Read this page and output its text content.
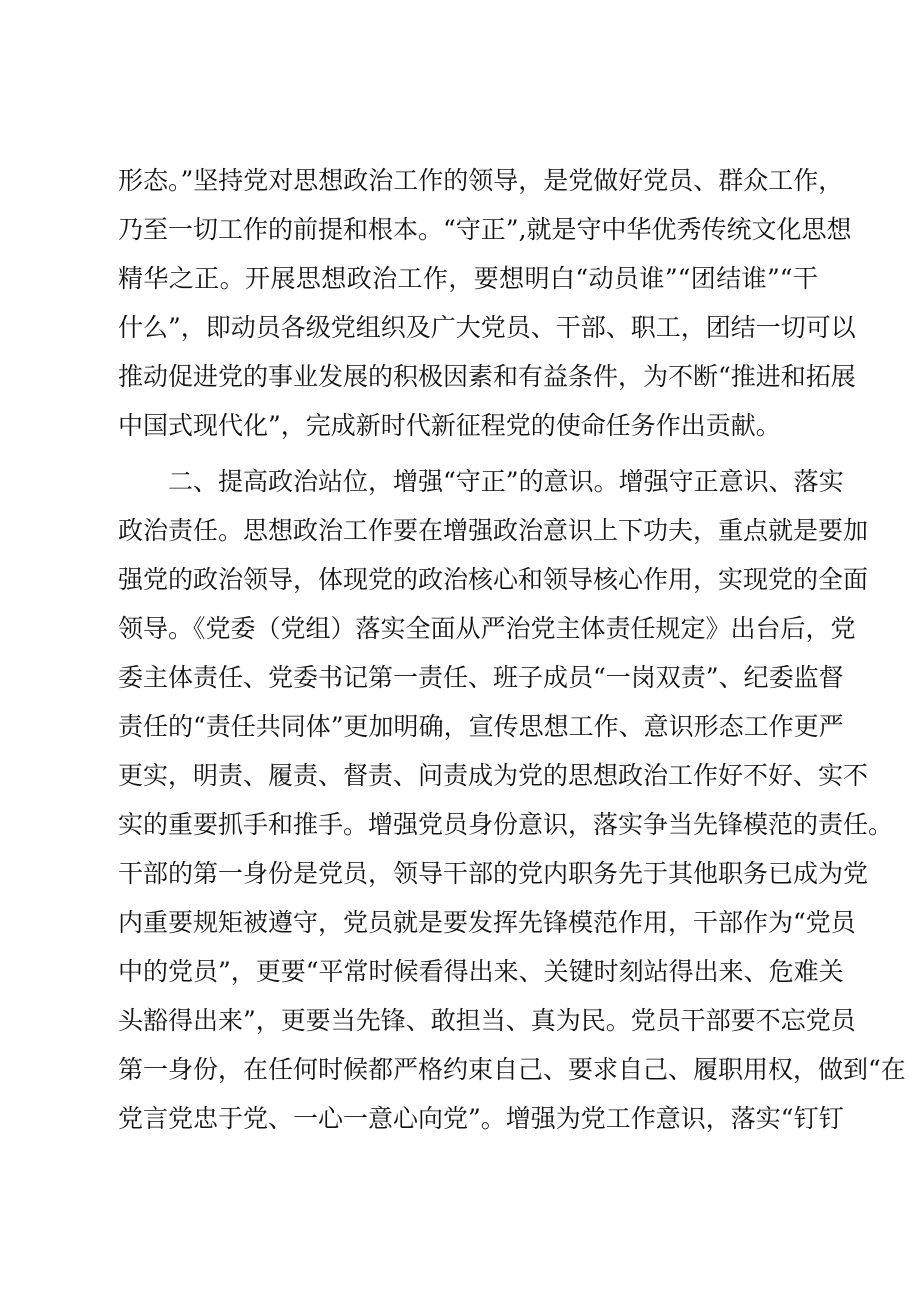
形态。”坚持党对思想政治工作的领导，是党做好党员、群众工作，
乃至一切工作的前提和根本。“守正”,就是守中华优秀传统文化思想
精华之正。开展思想政治工作，要想明白“动员谁”“团结谁”“干
什么”，即动员各级党组织及广大党员、干部、职工，团结一切可以
推动促进党的事业发展的积极因素和有益条件，为不断“推进和拓展
中国式现代化”，完成新时代新征程党的使命任务作出贡献。
二、提高政治站位，增强“守正”的意识。增强守正意识、落实
政治责任。思想政治工作要在增强政治意识上下功夫，重点就是要加
强党的政治领导，体现党的政治核心和领导核心作用，实现党的全面
领导。《党委（党组）落实全面从严治党主体责任规定》出台后，党
委主体责任、党委书记第一责任、班子成员“一岗双责”、纪委监督
责任的“责任共同体”更加明确，宣传思想工作、意识形态工作更严
更实，明责、履责、督责、问责成为党的思想政治工作好不好、实不
实的重要抓手和推手。增强党员身份意识，落实争当先锋模范的责任。
干部的第一身份是党员，领导干部的党内职务先于其他职务已成为党
内重要规矩被遵守，党员就是要发挥先锋模范作用，干部作为“党员
中的党员”，更要“平常时候看得出来、关键时刻站得出来、危难关
头豁得出来”，更要当先锋、敢担当、真为民。党员干部要不忘党员
第一身份，在任何时候都严格约束自己、要求自己、履职用权，做到“在
党言党忠于党、一心一意心向党”。增强为党工作意识，落实“钉钉
